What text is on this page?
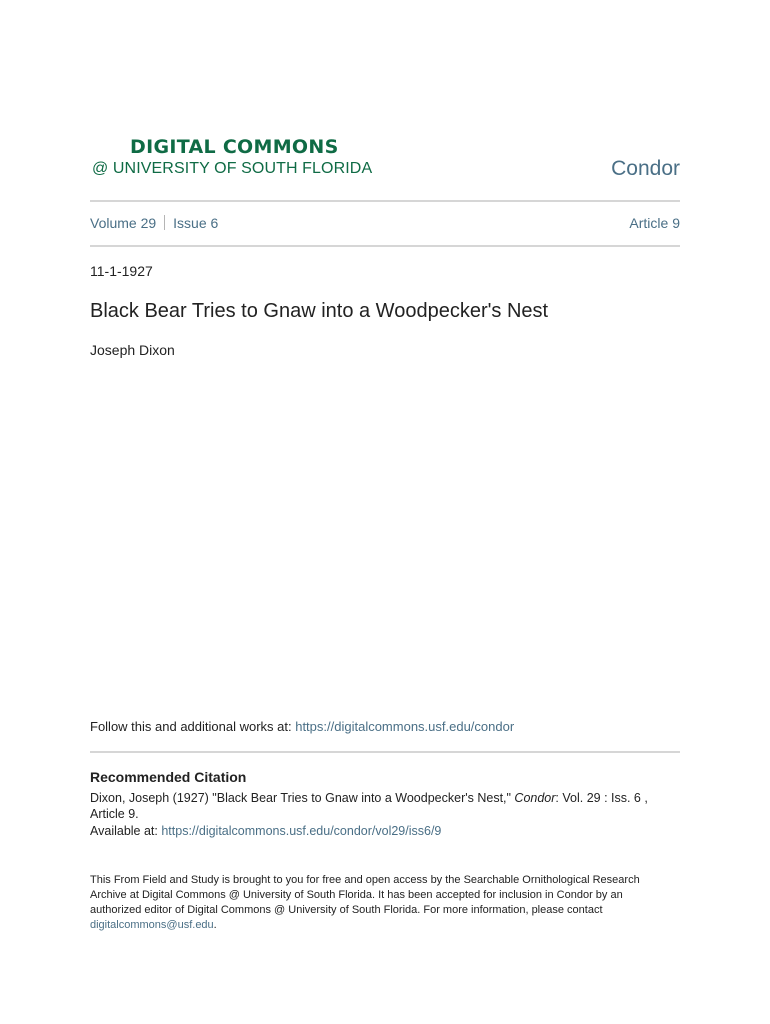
DIGITAL COMMONS
@ UNIVERSITY OF SOUTH FLORIDA	Condor
Volume 29 Issue 6	Article 9
11-1-1927
Black Bear Tries to Gnaw into a Woodpecker's Nest
Joseph Dixon
Follow this and additional works at: https://digitalcommons.usf.edu/condor
Recommended Citation
Dixon, Joseph (1927) "Black Bear Tries to Gnaw into a Woodpecker's Nest," Condor: Vol. 29 : Iss. 6 , Article 9.
Available at: https://digitalcommons.usf.edu/condor/vol29/iss6/9
This From Field and Study is brought to you for free and open access by the Searchable Ornithological Research Archive at Digital Commons @ University of South Florida. It has been accepted for inclusion in Condor by an authorized editor of Digital Commons @ University of South Florida. For more information, please contact digitalcommons@usf.edu.
